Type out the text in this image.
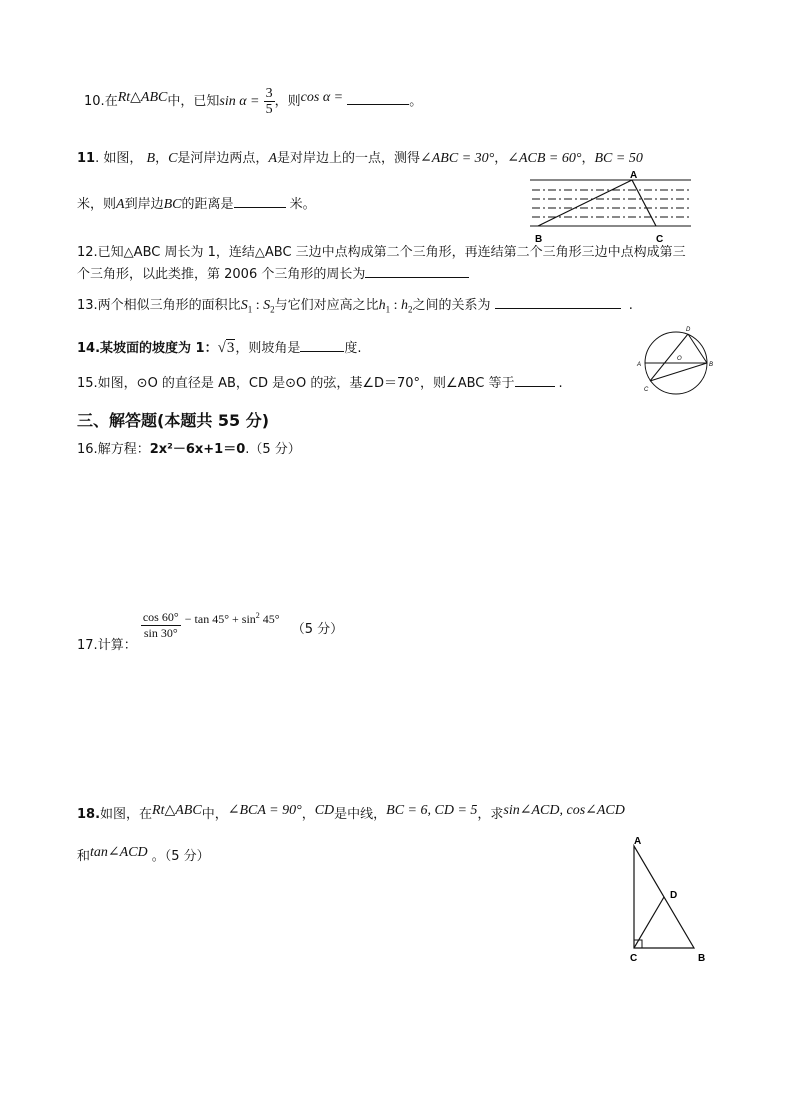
10.在Rt△ABC中，已知$\sin \alpha = \frac{3}{5}$ ，则cos α =	。
11. 如图， B，C是河岸边两点，A是对岸边上的一点，测得∠ABC = 30°，∠ACB = 60°，BC = 50
米，则A到岸边BC的距离是	米。
A
B	C
12.已知△ABC 周长为 1，连结△ABC 三边中点构成第二个三角形，再连结第二个三角形三边中点构成第三
个三角形，以此类推，第 2006 个三角形的周长为
13.两个相似三角形的面积比$S_1$ : $S_2$与它们对应高之比$h_1$ : $h_2$之间的关系为	.
14.某坡面的坡度为 1：√3，则坡角是	度.
15.如图，⊙O 的直径是 AB，CD 是⊙O 的弦，基∠D＝70°，则∠ABC 等于	.
A	B
C
D
O
三、解答题(本题共 55 分)
16.解方程：2x²－6x+1＝0.（5 分）
17.计算：
$\frac{\cos 60^\circ}{\sin 30^\circ} - \tan 45^\circ + \sin^2 45^\circ$ （5 分）
18.如图，在Rt△ABC中，∠BCA = 90°，CD是中线，BC = 6, CD = 5，求sin∠ACD, cos∠ACD
和tan∠ACD 。（5 分）
A
D
C	B
